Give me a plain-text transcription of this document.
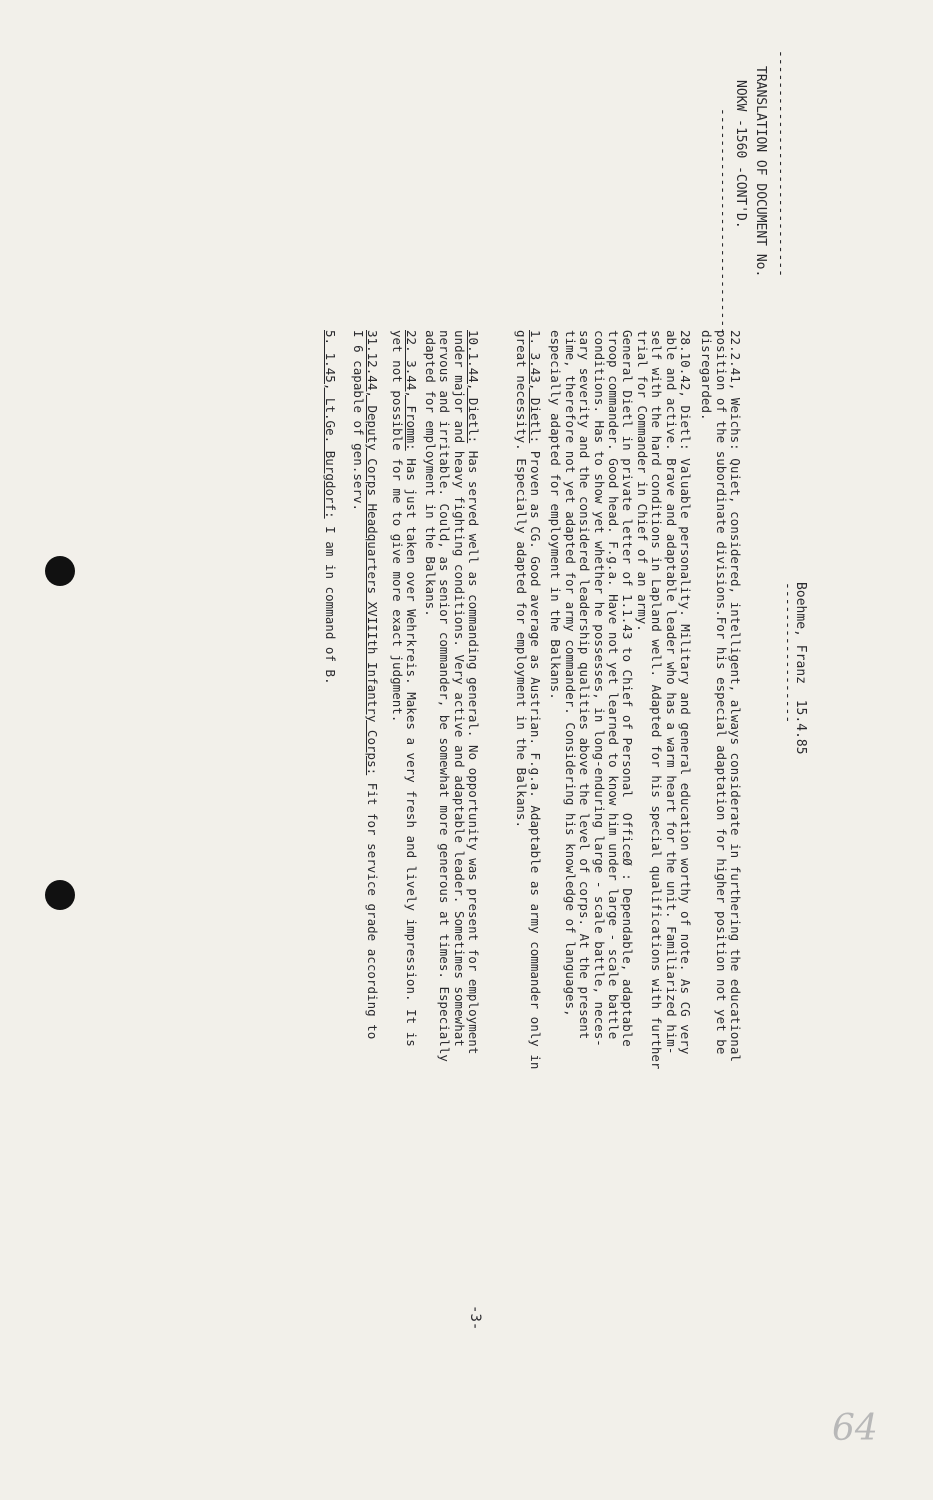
-----------------------------
TRANSLATION OF DOCUMENT No.
NOKW -1560 -CONT'D.
-----------------------------
Boehme, Franz  15.4.85
------------------
22.2.41, Weichs: Quiet, considered, intelligent, always considerate in furthering the educational
position of the subordinate divisions.For his especial adaptation for higher position not yet be
disregarded.
28.10.42, Dietl: Valuable personality. Military and general education worthy of note. As CG very
able and active. Brave and adaptable leader who has a warm heart for the unit. Familiarized him-
self with the hard conditions in Lapland well. Adapted for his special qualifications with further
trial for Commander in Chief of an army.
General Dietl in private letter of 1.1.43 to Chief of Personal  OfficeØ : Dependable, adaptable
troop commander. Good head. F.g.a. Have not yet learned to know him under large - scale battle
conditions. Has to show yet whether he possesses, in long-enduring large - scale battle, neces-
sary severity and the considered leadership qualities above the level of corps. At the present
time, therefore not yet adapted for army commander. Considering his knowledge of languages,
especially adapted for employment in the Balkans.
1. 3.43, Dietl: Proven as CG. Good average as Austrian. F.g.a. Adaptable as army commander only in
great necessity. Especially adapted for employment in the Balkans.
10.1.44, Dietl: Has served well as commanding general. No opportunity was present for employment
under major and heavy fighting conditions. Very active and adaptable leader. Sometimes somewhat
nervous and irritable. Could, as senior commander, be somewhat more generous at times. Especially
adapted for employment in the Balkans.
22. 3.44, Fromm: Has just taken over Wehrkreis. Makes a very fresh and lively impression. It is
yet not possible for me to give more exact judgment.
31.12.44, Deputy Corps Headquarters XVIIIth Infantry Corps: Fit for service grade according to
I 6 capable of gen.serv.
5. 1.45, Lt.Ge. Burgdorf: I am in command of B.
-3-
64
